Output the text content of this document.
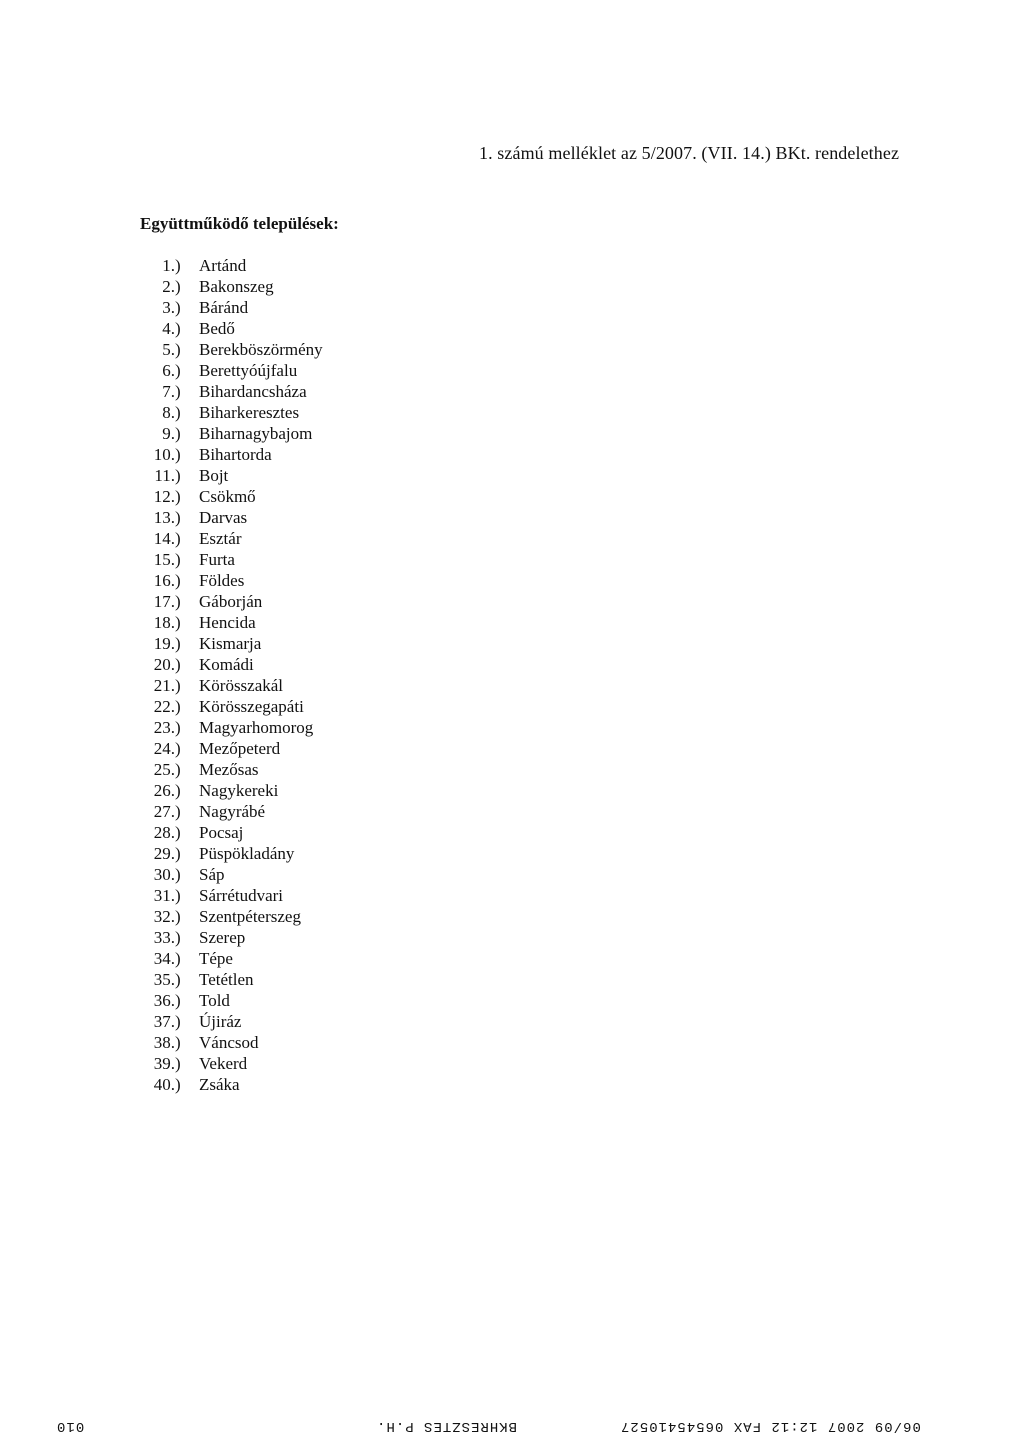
1. számú melléklet az 5/2007. (VII. 14.) BKt. rendelethez
Együttműködő települések:
1.) Artánd
2.) Bakonszeg
3.) Báránd
4.) Bedő
5.) Berekböszörmény
6.) Berettyóújfalu
7.) Bihardancsháza
8.) Biharkeresztes
9.) Biharnagybajom
10.) Bihartorda
11.) Bojt
12.) Csökmő
13.) Darvas
14.) Esztár
15.) Furta
16.) Földes
17.) Gáborján
18.) Hencida
19.) Kismarja
20.) Komádi
21.) Körösszakál
22.) Körösszegapáti
23.) Magyarhomorog
24.) Mezőpeterd
25.) Mezősas
26.) Nagykereki
27.) Nagyrábé
28.) Pocsaj
29.) Püspökladány
30.) Sáp
31.) Sárrétudvari
32.) Szentpéterszeg
33.) Szerep
34.) Tépe
35.) Tetétlen
36.) Told
37.) Újiráz
38.) Váncsod
39.) Vekerd
40.) Zsáka
010	BKHRESZTES P.H.	06/09 2007 12:12 FAX 06545410527
